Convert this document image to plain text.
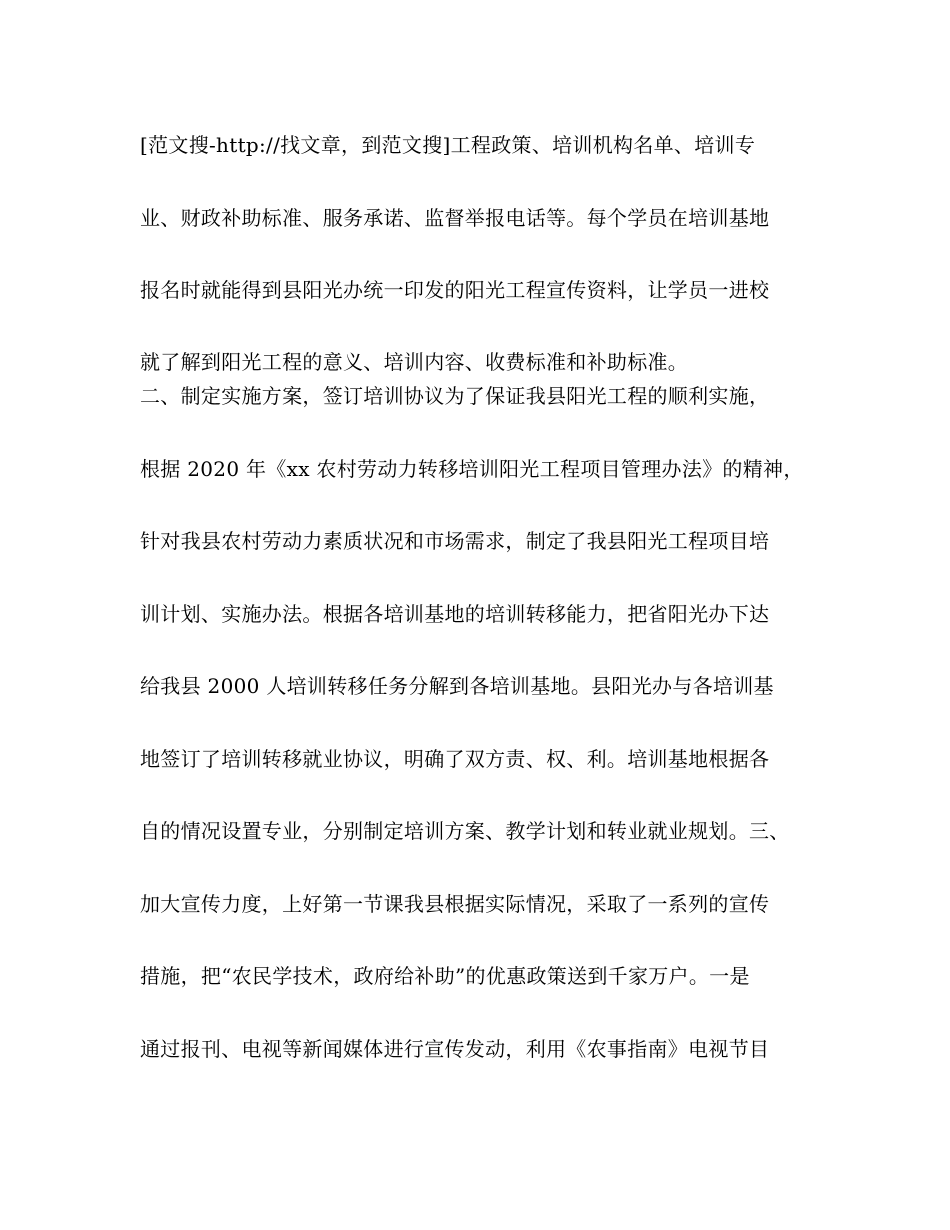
[范文搜-http://找文章，到范文搜]工程政策、培训机构名单、培训专
业、财政补助标准、服务承诺、监督举报电话等。每个学员在培训基地
报名时就能得到县阳光办统一印发的阳光工程宣传资料，让学员一进校
就了解到阳光工程的意义、培训内容、收费标准和补助标准。
二、制定实施方案，签订培训协议为了保证我县阳光工程的顺利实施，
根据 2020 年《xx 农村劳动力转移培训阳光工程项目管理办法》的精神，
针对我县农村劳动力素质状况和市场需求，制定了我县阳光工程项目培
训计划、实施办法。根据各培训基地的培训转移能力，把省阳光办下达
给我县 2000 人培训转移任务分解到各培训基地。县阳光办与各培训基
地签订了培训转移就业协议，明确了双方责、权、利。培训基地根据各
自的情况设置专业，分别制定培训方案、教学计划和转业就业规划。三、
加大宣传力度，上好第一节课我县根据实际情况，采取了一系列的宣传
措施，把“农民学技术，政府给补助”的优惠政策送到千家万户。一是
通过报刊、电视等新闻媒体进行宣传发动，利用《农事指南》电视节目
